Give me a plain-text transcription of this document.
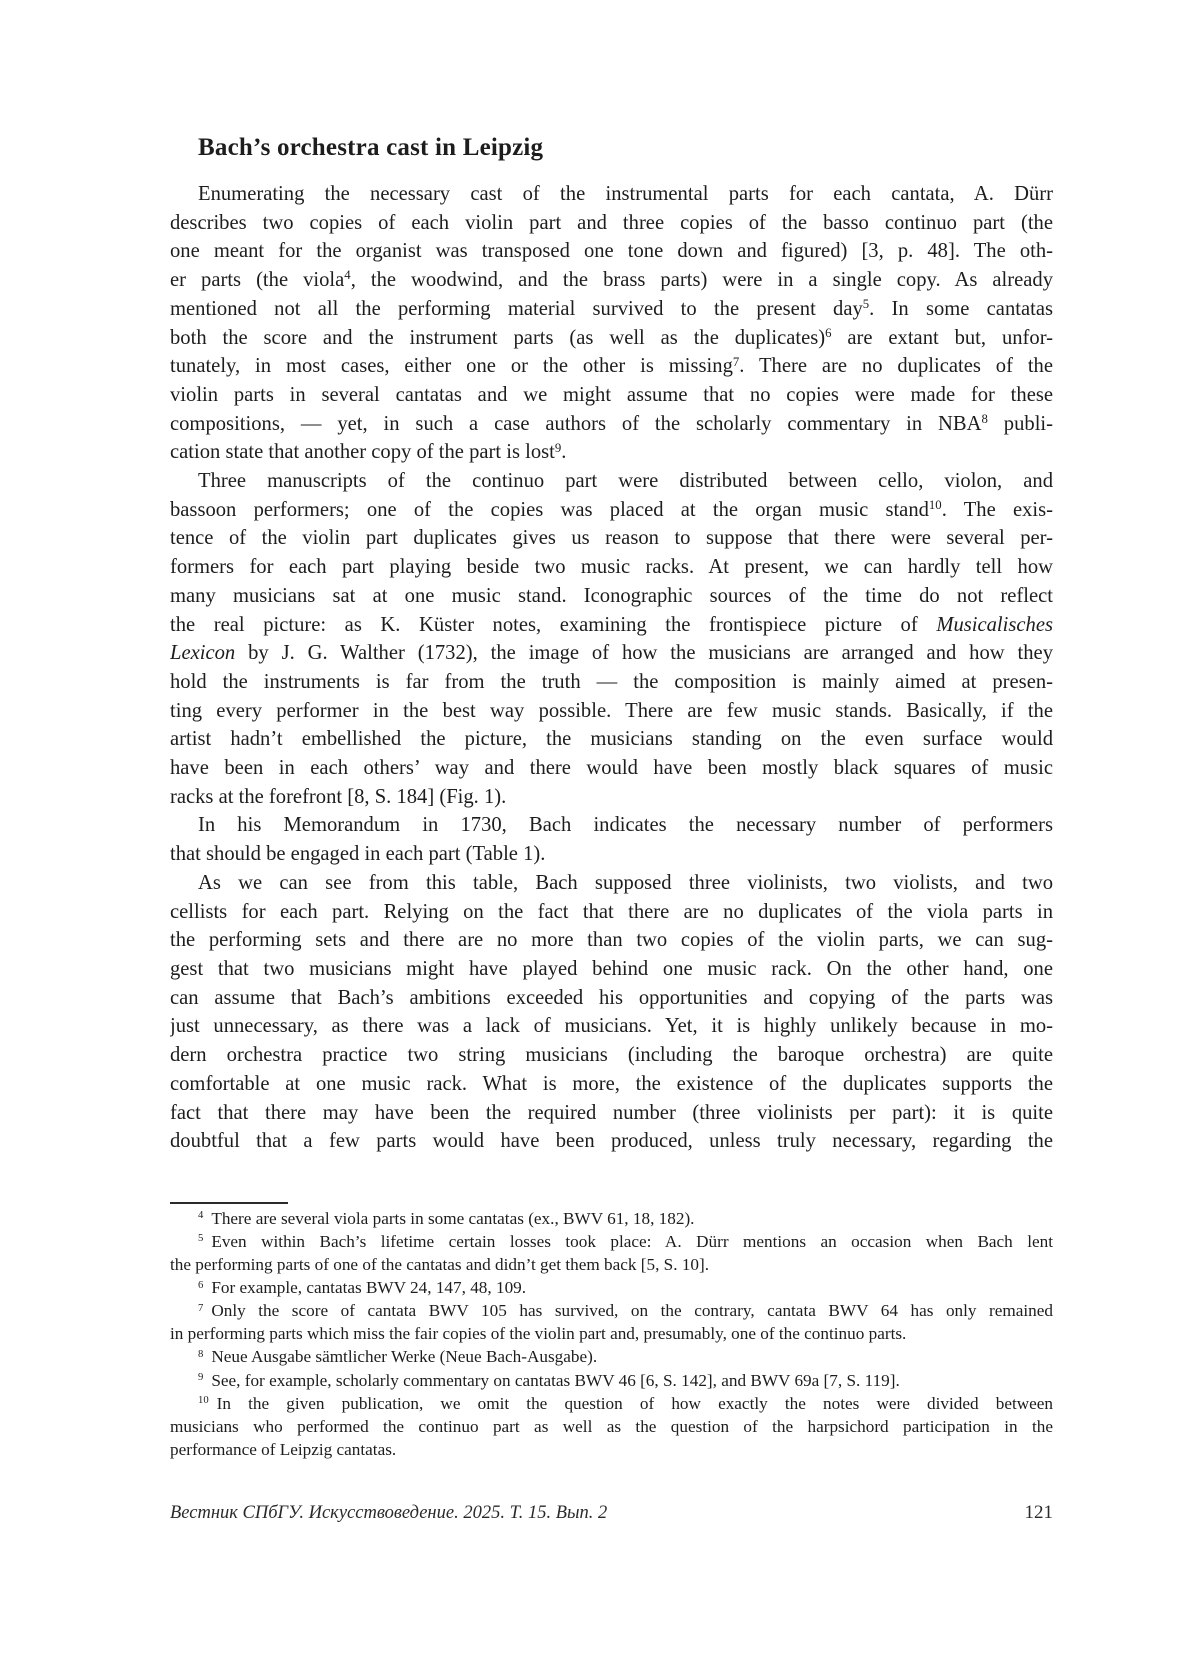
Bach’s orchestra cast in Leipzig
Enumerating the necessary cast of the instrumental parts for each cantata, A. Dürr
describes two copies of each violin part and three copies of the basso continuo part (the
one meant for the organist was transposed one tone down and figured) [3, p. 48]. The oth-
er parts (the viola$^4$, the woodwind, and the brass parts) were in a single copy. As already
mentioned not all the performing material survived to the present day$^5$. In some cantatas
both the score and the instrument parts (as well as the duplicates)$^6$ are extant but, unfor-
tunately, in most cases, either one or the other is missing$^7$. There are no duplicates of the
violin parts in several cantatas and we might assume that no copies were made for these
compositions, — yet, in such a case authors of the scholarly commentary in NBA$^8$ publi-
cation state that another copy of the part is lost$^9$.
Three manuscripts of the continuo part were distributed between cello, violon, and
bassoon performers; one of the copies was placed at the organ music stand$^{10}$. The exis-
tence of the violin part duplicates gives us reason to suppose that there were several per-
formers for each part playing beside two music racks. At present, we can hardly tell how
many musicians sat at one music stand. Iconographic sources of the time do not reflect
the real picture: as K. Küster notes, examining the frontispiece picture of Musicalisches
Lexicon by J. G. Walther (1732), the image of how the musicians are arranged and how they
hold the instruments is far from the truth — the composition is mainly aimed at presen-
ting every performer in the best way possible. There are few music stands. Basically, if the
artist hadn’t embellished the picture, the musicians standing on the even surface would
have been in each others’ way and there would have been mostly black squares of music
racks at the forefront [8, S. 184] (Fig. 1).
In his Memorandum in 1730, Bach indicates the necessary number of performers
that should be engaged in each part (Table 1).
As we can see from this table, Bach supposed three violinists, two violists, and two
cellists for each part. Relying on the fact that there are no duplicates of the viola parts in
the performing sets and there are no more than two copies of the violin parts, we can sug-
gest that two musicians might have played behind one music rack. On the other hand, one
can assume that Bach’s ambitions exceeded his opportunities and copying of the parts was
just unnecessary, as there was a lack of musicians. Yet, it is highly unlikely because in mo-
dern orchestra practice two string musicians (including the baroque orchestra) are quite
comfortable at one music rack. What is more, the existence of the duplicates supports the
fact that there may have been the required number (three violinists per part): it is quite
doubtful that a few parts would have been produced, unless truly necessary, regarding the
$^4$ There are several viola parts in some cantatas (ex., BWV 61, 18, 182).
$^5$ Even within Bach’s lifetime certain losses took place: A. Dürr mentions an occasion when Bach lent
the performing parts of one of the cantatas and didn’t get them back [5, S. 10].
$^6$ For example, cantatas BWV 24, 147, 48, 109.
$^7$ Only the score of cantata BWV 105 has survived, on the contrary, cantata BWV 64 has only remained
in performing parts which miss the fair copies of the violin part and, presumably, one of the continuo parts.
$^8$ Neue Ausgabe sämtlicher Werke (Neue Bach-Ausgabe).
$^9$ See, for example, scholarly commentary on cantatas BWV 46 [6, S. 142], and BWV 69a [7, S. 119].
$^{10}$ In the given publication, we omit the question of how exactly the notes were divided between
musicians who performed the continuo part as well as the question of the harpsichord participation in the
performance of Leipzig cantatas.
Вестник СПбГУ. Искусствоведение. 2025. Т. 15. Вып. 2	121
